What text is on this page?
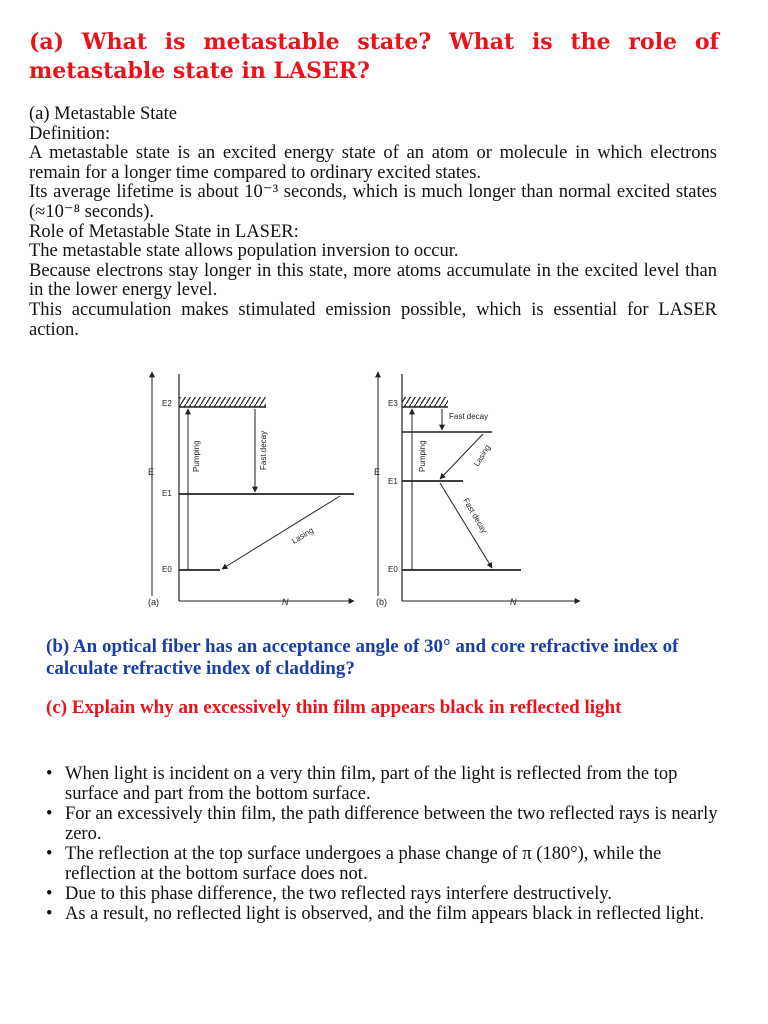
(a) What is metastable state? What is the role of metastable state in LASER?

(a) Metastable State

Definition:

A metastable state is an excited energy state of an atom or molecule in which electrons remain for a longer time compared to ordinary excited states.

Its average lifetime is about 10⁻³ seconds, which is much longer than normal excited states (≈10⁻⁸ seconds).

Role of Metastable State in LASER:

The metastable state allows population inversion to occur.

Because electrons stay longer in this state, more atoms accumulate in the excited level than in the lower energy level.

This accumulation makes stimulated emission possible, which is essential for LASER action.

E
N
(a)
E2
E1
E0
Pumping	Fast decay
Lasing
E
N
(b)
E3
E1
E0
Pumping
Fast decay
Lasing
Fast decay

(b) An optical fiber has an acceptance angle of 30° and core refractive index of calculate refractive index of cladding?

(c) Explain why an excessively thin film appears black in reflected light

• When light is incident on a very thin film, part of the light is reflected from the top surface and part from the bottom surface.
• For an excessively thin film, the path difference between the two reflected rays is nearly zero.
• The reflection at the top surface undergoes a phase change of π (180°), while the reflection at the bottom surface does not.
• Due to this phase difference, the two reflected rays interfere destructively.
• As a result, no reflected light is observed, and the film appears black in reflected light.
